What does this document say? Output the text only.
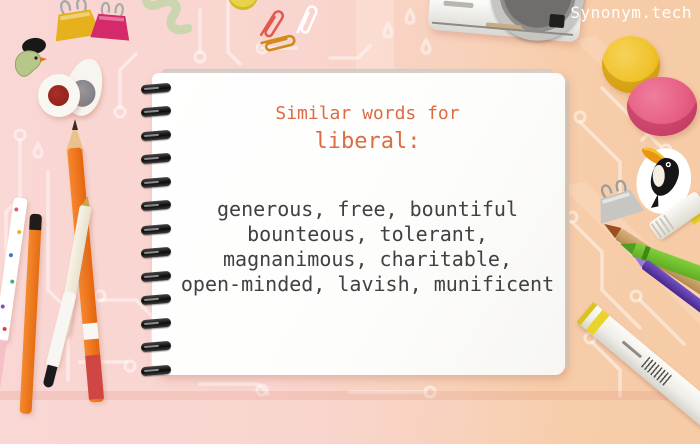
Synonym.tech
Similar words for
liberal:
generous, free, bountiful
bounteous, tolerant,
magnanimous, charitable,
open-minded, lavish, munificent
